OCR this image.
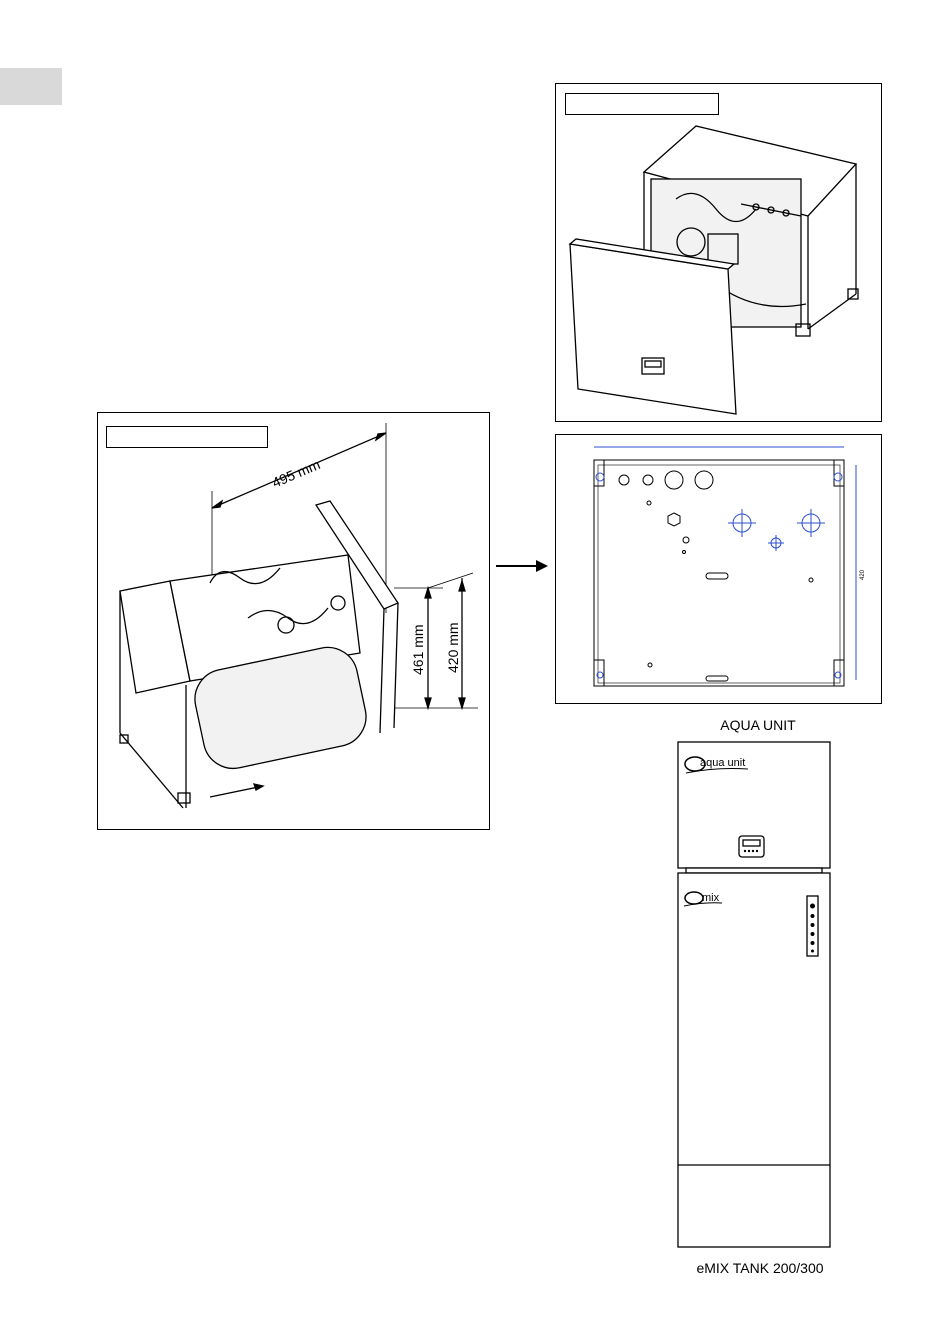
495 mm
461 mm 420 mm
420
AQUA UNIT
aqua unit
mix
eMIX TANK 200/300
